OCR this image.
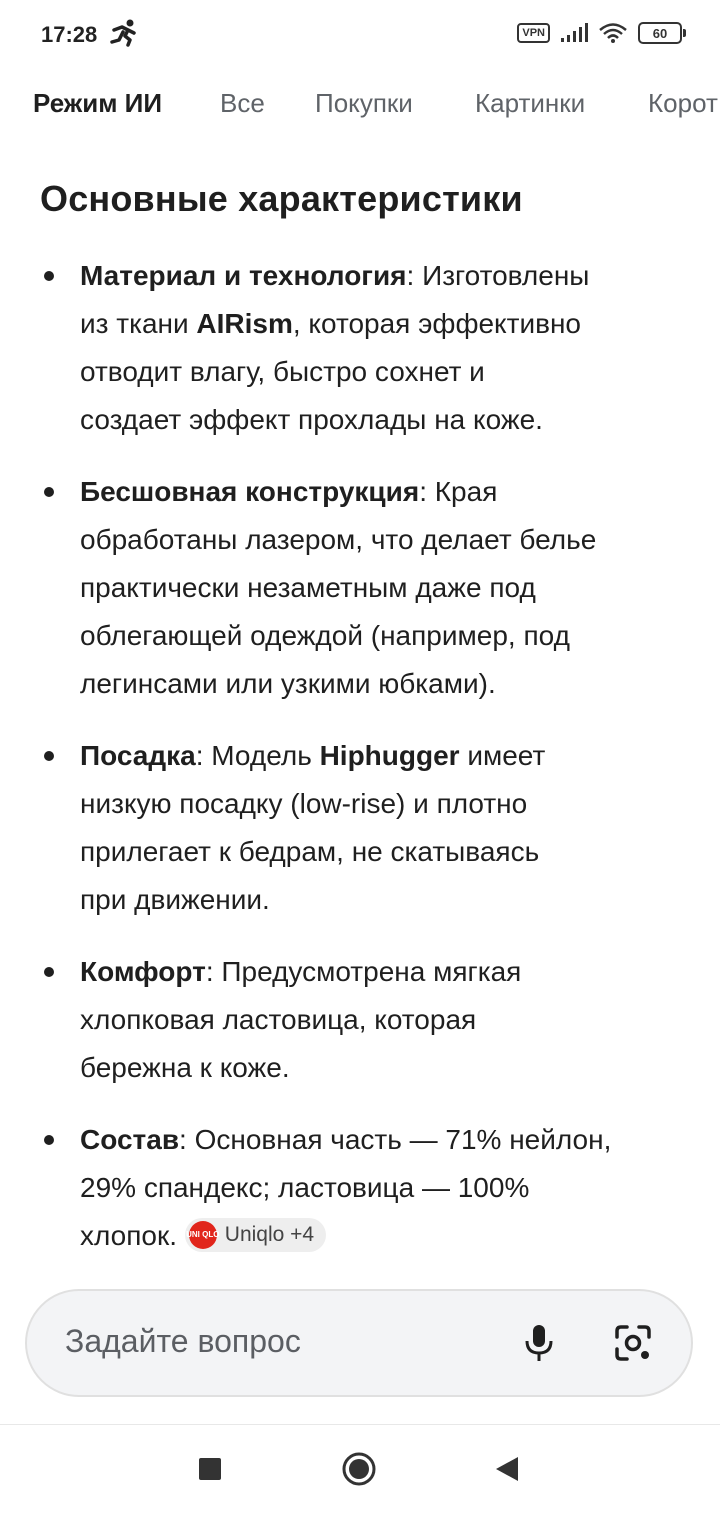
17:28	VPN	60
Режим ИИ Все Покупки Картинки Корот
Основные характеристики
Материал и технология: Изготовлены
из ткани AIRism, которая эффективно
отводит влагу, быстро сохнет и
создает эффект прохлады на коже.
Бесшовная конструкция: Края
обработаны лазером, что делает белье
практически незаметным даже под
облегающей одеждой (например, под
легинсами или узкими юбками).
Посадка: Модель Hiphugger имеет
низкую посадку (low-rise) и плотно
прилегает к бедрам, не скатываясь
при движении.
Комфорт: Предусмотрена мягкая
хлопковая ластовица, которая
бережна к коже.
Состав: Основная часть — 71% нейлон,
29% спандекс; ластовица — 100%
хлопок. UNI QLO Uniqlo +4
Задайте вопрос
